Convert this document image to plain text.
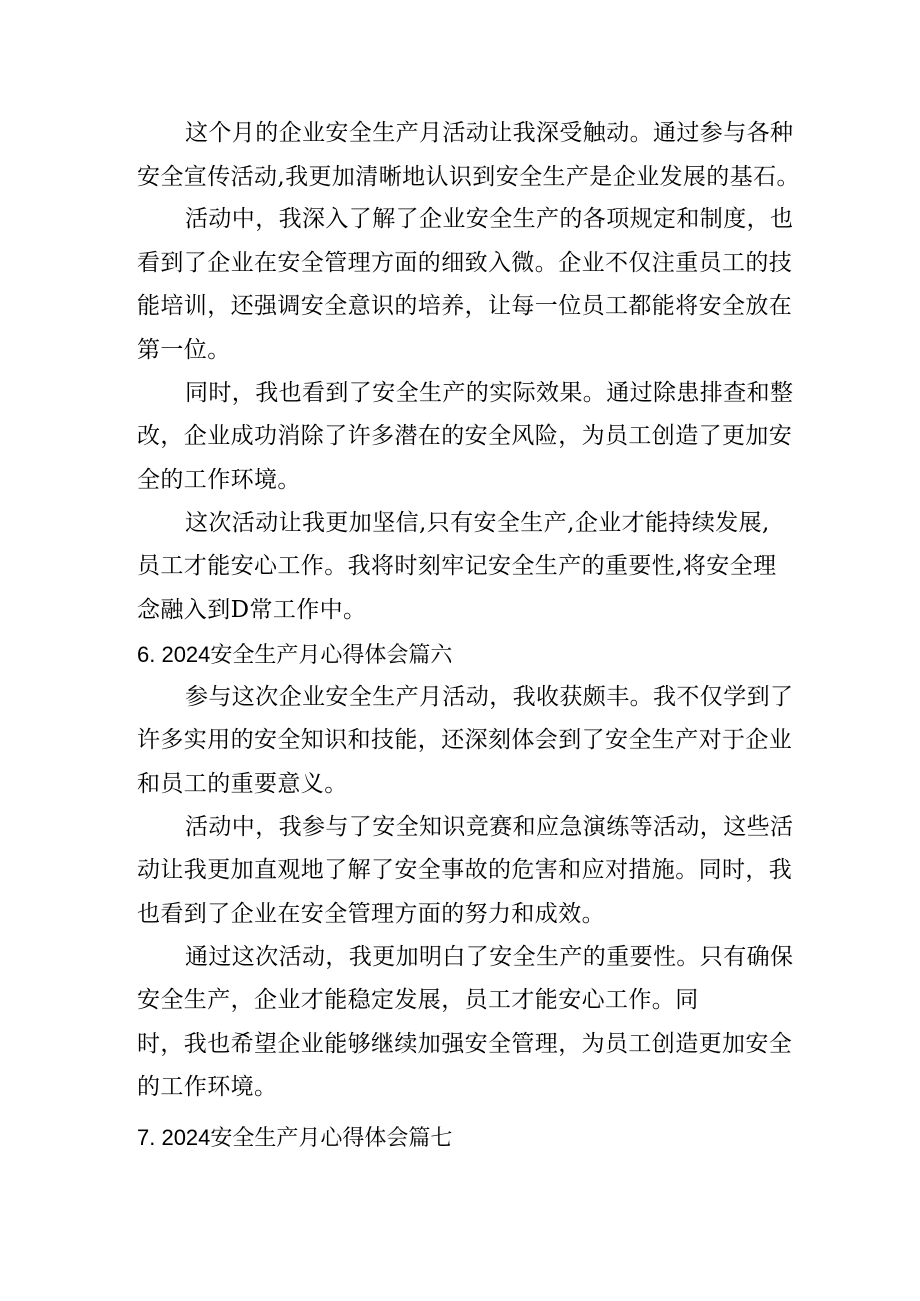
这个月的企业安全生产月活动让我深受触动。通过参与各种
安全宣传活动,我更加清晰地认识到安全生产是企业发展的基石。
活动中，我深入了解了企业安全生产的各项规定和制度，也
看到了企业在安全管理方面的细致入微。企业不仅注重员工的技
能培训，还强调安全意识的培养，让每一位员工都能将安全放在
第一位。
同时，我也看到了安全生产的实际效果。通过除患排查和整
改，企业成功消除了许多潜在的安全风险，为员工创造了更加安
全的工作环境。
这次活动让我更加坚信,只有安全生产,企业才能持续发展,
员工才能安心工作。我将时刻牢记安全生产的重要性,将安全理
念融入到D常工作中。
6. 2024安全生产月心得体会篇六
参与这次企业安全生产月活动，我收获颇丰。我不仅学到了
许多实用的安全知识和技能，还深刻体会到了安全生产对于企业
和员工的重要意义。
活动中，我参与了安全知识竞赛和应急演练等活动，这些活
动让我更加直观地了解了安全事故的危害和应对措施。同时，我
也看到了企业在安全管理方面的努力和成效。
通过这次活动，我更加明白了安全生产的重要性。只有确保
安全生产，企业才能稳定发展，员工才能安心工作。同
时，我也希望企业能够继续加强安全管理，为员工创造更加安全
的工作环境。
7. 2024安全生产月心得体会篇七
